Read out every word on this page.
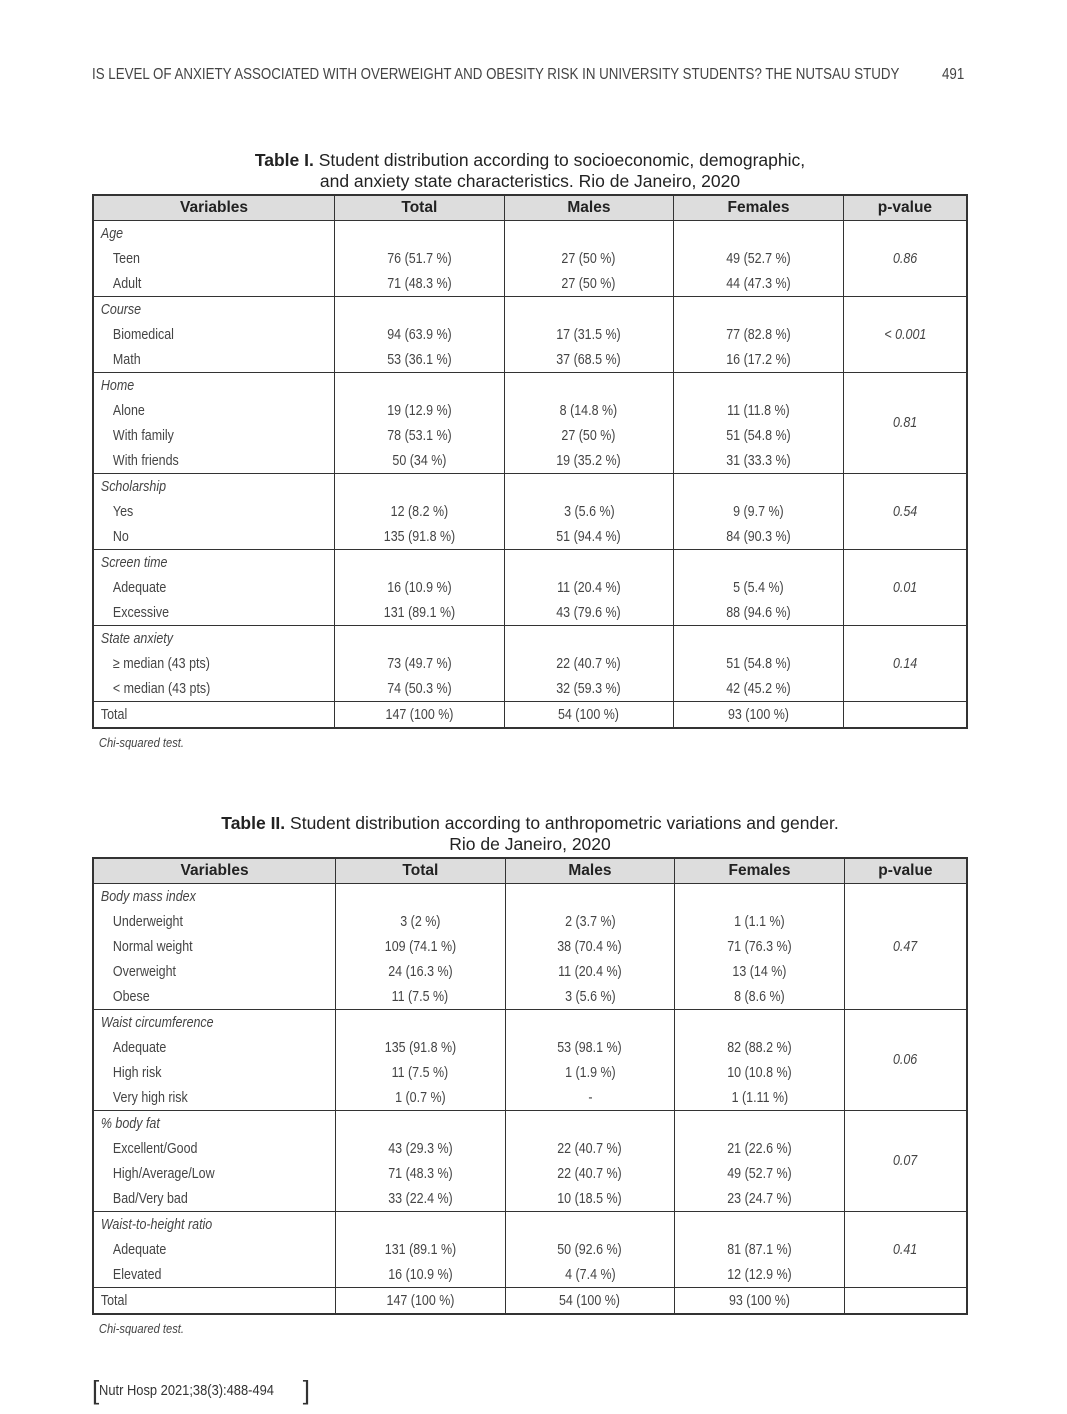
IS LEVEL OF ANXIETY ASSOCIATED WITH OVERWEIGHT AND OBESITY RISK IN UNIVERSITY STUDENTS? THE NUTSAU STUDY	491
Table I. Student distribution according to socioeconomic, demographic,
and anxiety state characteristics. Rio de Janeiro, 2020
Variables	Total	Males	Females	p-value
Age				0.86
Teen	76 (51.7 %)	27 (50 %)	49 (52.7 %)	
Adult	71 (48.3 %)	27 (50 %)	44 (47.3 %)	
Course				< 0.001
Biomedical	94 (63.9 %)	17 (31.5 %)	77 (82.8 %)	
Math	53 (36.1 %)	37 (68.5 %)	16 (17.2 %)	
Home				0.81
Alone	19 (12.9 %)	8 (14.8 %)	11 (11.8 %)	
With family	78 (53.1 %)	27 (50 %)	51 (54.8 %)	
With friends	50 (34 %)	19 (35.2 %)	31 (33.3 %)	
Scholarship				0.54
Yes	12 (8.2 %)	3 (5.6 %)	9 (9.7 %)	
No	135 (91.8 %)	51 (94.4 %)	84 (90.3 %)	
Screen time				0.01
Adequate	16 (10.9 %)	11 (20.4 %)	5 (5.4 %)	
Excessive	131 (89.1 %)	43 (79.6 %)	88 (94.6 %)	
State anxiety				0.14
≥ median (43 pts)	73 (49.7 %)	22 (40.7 %)	51 (54.8 %)	
< median (43 pts)	74 (50.3 %)	32 (59.3 %)	42 (45.2 %)	
Total	147 (100 %)	54 (100 %)	93 (100 %)	
Chi-squared test.
Table II. Student distribution according to anthropometric variations and gender.
Rio de Janeiro, 2020
Variables	Total	Males	Females	p-value
Body mass index				0.47
Underweight	3 (2 %)	2 (3.7 %)	1 (1.1 %)	
Normal weight	109 (74.1 %)	38 (70.4 %)	71 (76.3 %)	
Overweight	24 (16.3 %)	11 (20.4 %)	13 (14 %)	
Obese	11 (7.5 %)	3 (5.6 %)	8 (8.6 %)	
Waist circumference				0.06
Adequate	135 (91.8 %)	53 (98.1 %)	82 (88.2 %)	
High risk	11 (7.5 %)	1 (1.9 %)	10 (10.8 %)	
Very high risk	1 (0.7 %)	-	1 (1.11 %)	
% body fat				0.07
Excellent/Good	43 (29.3 %)	22 (40.7 %)	21 (22.6 %)	
High/Average/Low	71 (48.3 %)	22 (40.7 %)	49 (52.7 %)	
Bad/Very bad	33 (22.4 %)	10 (18.5 %)	23 (24.7 %)	
Waist-to-height ratio				0.41
Adequate	131 (89.1 %)	50 (92.6 %)	81 (87.1 %)	
Elevated	16 (10.9 %)	4 (7.4 %)	12 (12.9 %)	
Total	147 (100 %)	54 (100 %)	93 (100 %)	
Chi-squared test.
[Nutr Hosp 2021;38(3):488-494 ]
